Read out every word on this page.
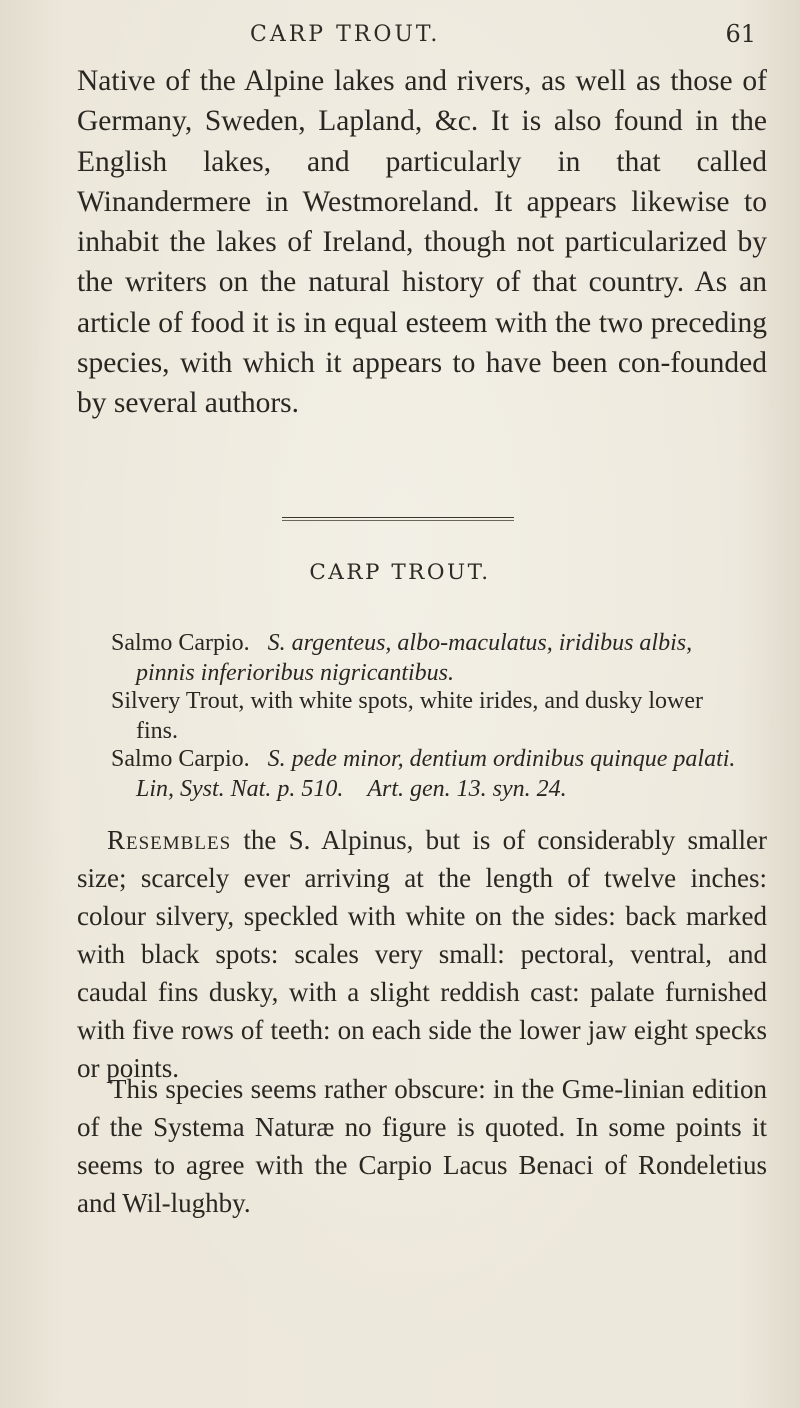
CARP TROUT.	61

Native of the Alpine lakes and rivers, as well as those of Germany, Sweden, Lapland, &c. It is also found in the English lakes, and particularly in that called Winandermere in Westmoreland. It appears likewise to inhabit the lakes of Ireland, though not particularized by the writers on the natural history of that country. As an article of food it is in equal esteem with the two preceding species, with which it appears to have been con-founded by several authors.

CARP TROUT.

Salmo Carpio. S. argenteus, albo-maculatus, iridibus albis,
pinnis inferioribus nigricantibus.

Silvery Trout, with white spots, white irides, and dusky lower
fins.

Salmo Carpio. S. pede minor, dentium ordinibus quinque palati.
Lin, Syst. Nat. p. 510. Art. gen. 13. syn. 24.

Resembles the S. Alpinus, but is of considerably smaller size; scarcely ever arriving at the length of twelve inches: colour silvery, speckled with white on the sides: back marked with black spots: scales very small: pectoral, ventral, and caudal fins dusky, with a slight reddish cast: palate furnished with five rows of teeth: on each side the lower jaw eight specks or points.

This species seems rather obscure: in the Gme-linian edition of the Systema Naturæ no figure is quoted. In some points it seems to agree with the Carpio Lacus Benaci of Rondeletius and Wil-lughby.
